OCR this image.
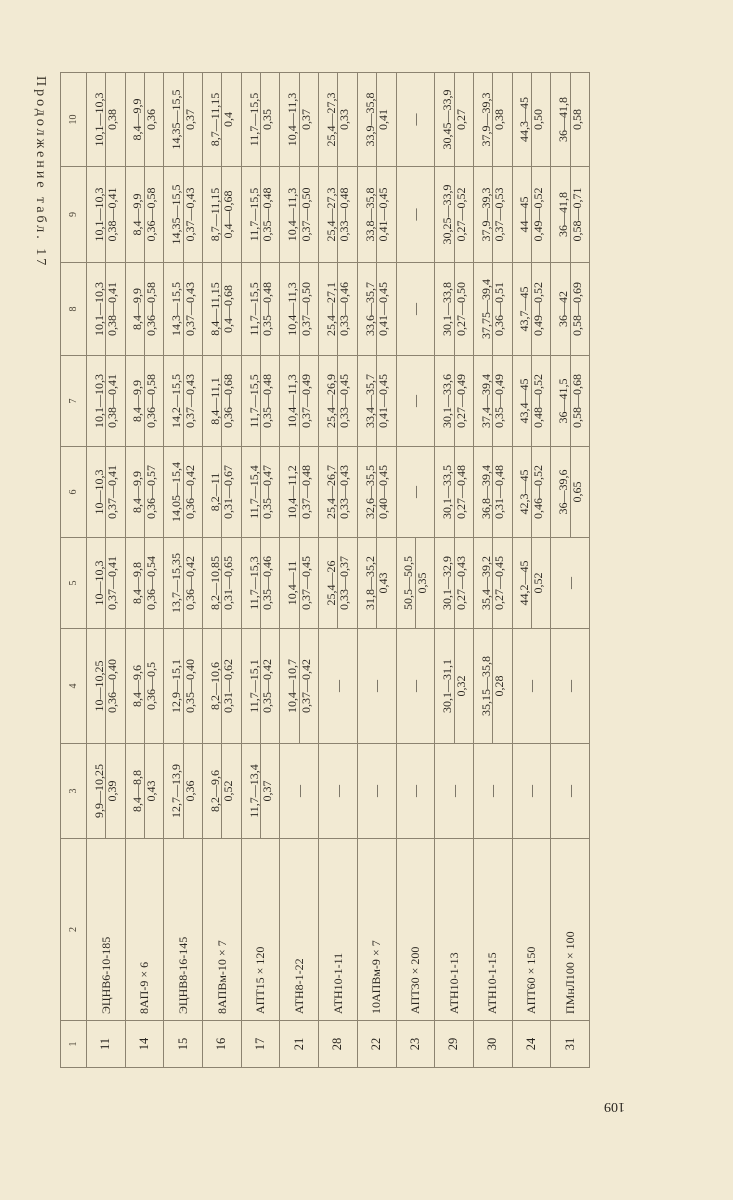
Продолжение табл. 17
1	2	3	4	5	6	7	8	9	10
11	ЭЦНВ6-10-185	9,9—10,25 0,39	10—10,25 0,36—0,40	10—10,3 0,37—0,41	10—10,3 0,37—0,41	10,1—10,3 0,38—0,41	10,1—10,3 0,38—0,41	10,1—10,3 0,38—0,41	10,1—10,3 0,38

14	8АП-9 × 6	8,4—8,8 0,43	8,4—9,6 0,36—0,5	8,4—9,8 0,36—0,54	8,4—9,9 0,36—0,57	8,4—9,9 0,36—0,58	8,4—9,9 0,36—0,58	8,4—9,9 0,36—0,58	8,4—9,9 0,36

15	ЭЦНВ8-16-145	12,7—13,9 0,36	12,9—15,1 0,35—0,40	13,7—15,35 0,36—0,42	14,05—15,4 0,36—0,42	14,2—15,5 0,37—0,43	14,3—15,5 0,37—0,43	14,35—15,5 0,37—0,43	14,35—15,5 0,37

16	8АПВм-10 × 7	8,2—9,6 0,52	8,2—10,6 0,31—0,62	8,2—10,85 0,31—0,65	8,2—11 0,31—0,67	8,4—11,1 0,36—0,68	8,4—11,15 0,4—0,68	8,7—11,15 0,4—0,68	8,7—11,15 0,4

17	АПТ15 × 120	11,7—13,4 0,37	11,7—15,1 0,35—0,42	11,7—15,3 0,35—0,46	11,7—15,4 0,35—0,47	11,7—15,5 0,35—0,48	11,7—15,5 0,35—0,48	11,7—15,5 0,35—0,48	11,7—15,5 0,35

21	АТН8-1-22	—	10,4—10,7 0,37—0,42	10,4—11 0,37—0,45	10,4—11,2 0,37—0,48	10,4—11,3 0,37—0,49	10,4—11,3 0,37—0,50	10,4—11,3 0,37—0,50	10,4—11,3 0,37

28	АТН10-1-11	—	—	25,4—26 0,33—0,37	25,4—26,7 0,33—0,43	25,4—26,9 0,33—0,45	25,4—27,1 0,33—0,46	25,4—27,3 0,33—0,48	25,4—27,3 0,33

22	10АПВм-9 × 7	—	—	31,8—35,2 0,43	32,6—35,5 0,40—0,45	33,4—35,7 0,41—0,45	33,6—35,7 0,41—0,45	33,8—35,8 0,41—0,45	33,9—35,8 0,41

23	АПТ30 × 200	—	—	50,5—50,5 0,35	—	—	—	—	—

29	АТН10-1-13	—	30,1—31,1 0,32	30,1—32,9 0,27—0,43	30,1—33,5 0,27—0,48	30,1—33,6 0,27—0,49	30,1—33,8 0,27—0,50	30,25—33,9 0,27—0,52	30,45—33,9 0,27

30	АТН10-1-15	—	35,15—35,8 0,28	35,4—39,2 0,27—0,45	36,8—39,4 0,31—0,48	37,4—39,4 0,35—0,49	37,75—39,4 0,36—0,51	37,9—39,3 0,37—0,53	37,9—39,3 0,38

24	АПТ60 × 150	—	—	44,2—45 0,52	42,3—45 0,46—0,52	43,4—45 0,48—0,52	43,7—45 0,49—0,52	44—45 0,49—0,52	44,3—45 0,50

31	ПМнЛ100 × 100	—	—	—	36—39,6 0,65	36—41,5 0,58—0,68	36—42 0,58—0,69	36—41,8 0,58—0,71	36—41,8 0,58
109
